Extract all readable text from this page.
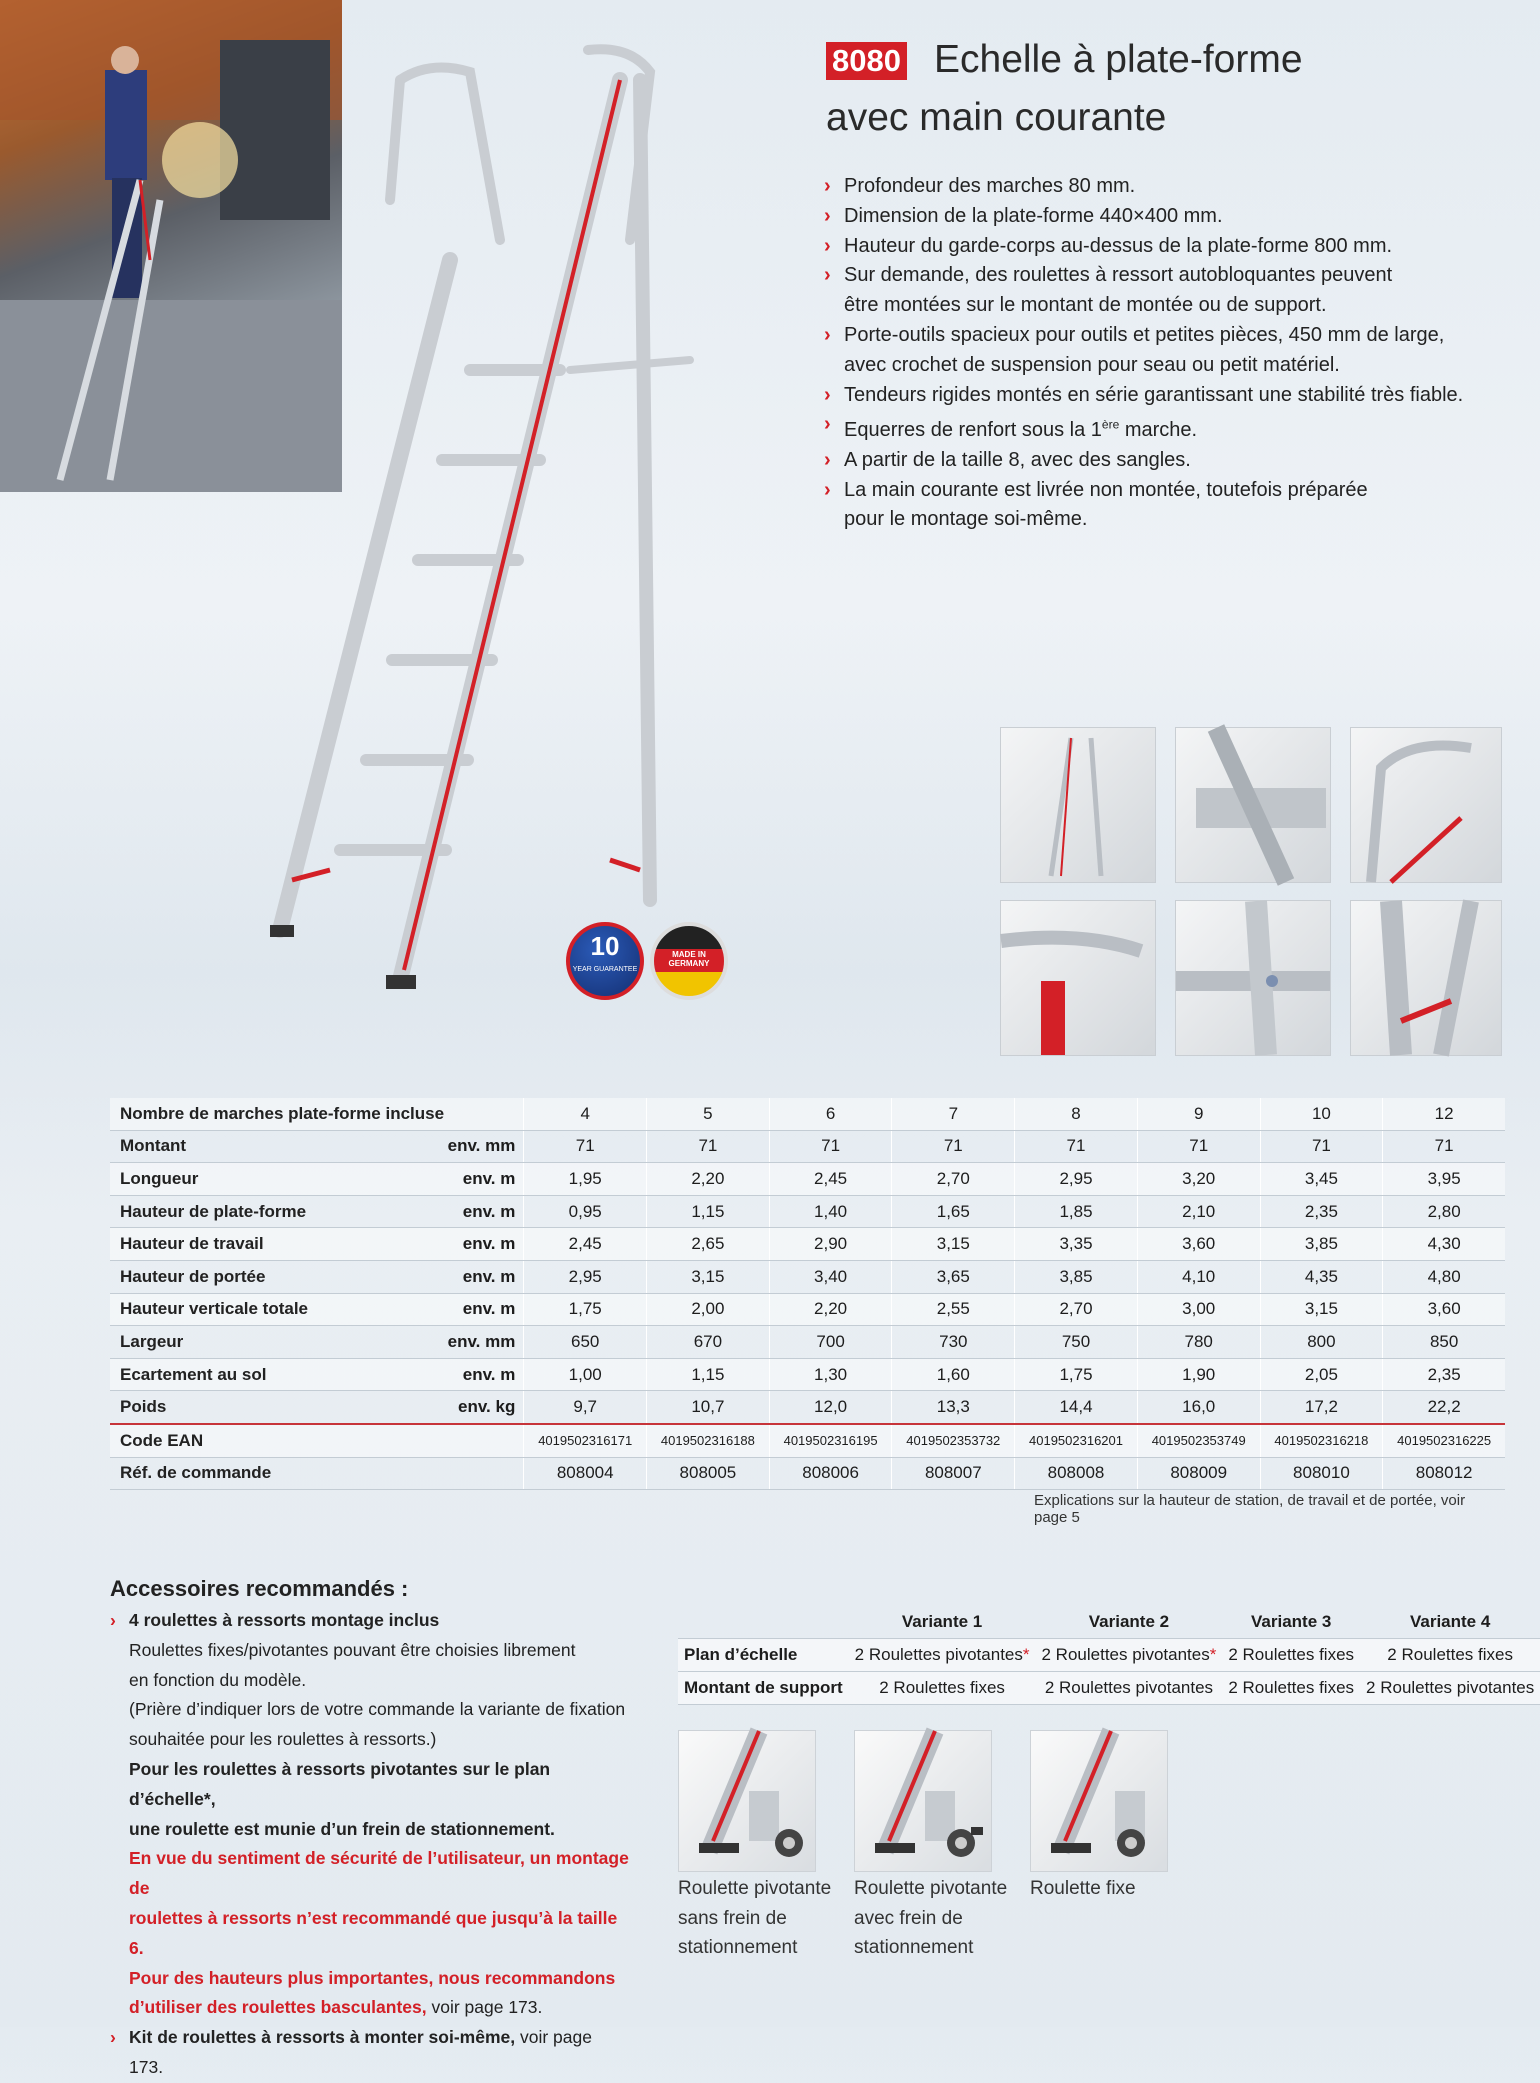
8080 Echelle à plate-forme
avec main courante
› Profondeur des marches 80 mm.
› Dimension de la plate-forme 440×400 mm.
› Hauteur du garde-corps au-dessus de la plate-forme 800 mm.
› Sur demande, des roulettes à ressort autobloquantes peuvent
être montées sur le montant de montée ou de support.
› Porte-outils spacieux pour outils et petites pièces, 450 mm de large,
avec crochet de suspension pour seau ou petit matériel.
› Tendeurs rigides montés en série garantissant une stabilité très fiable.
› Equerres de renfort sous la 1ère marche.
› A partir de la taille 8, avec des sangles.
› La main courante est livrée non montée, toutefois préparée
pour le montage soi-même.
10
YEAR GUARANTEE
MADE IN GERMANY
Nombre de marches plate-forme incluse		4	5	6	7	8	9	10	12
Montant	env. mm	71	71	71	71	71	71	71	71
Longueur	env. m	1,95	2,20	2,45	2,70	2,95	3,20	3,45	3,95
Hauteur de plate-forme	env. m	0,95	1,15	1,40	1,65	1,85	2,10	2,35	2,80
Hauteur de travail	env. m	2,45	2,65	2,90	3,15	3,35	3,60	3,85	4,30
Hauteur de portée	env. m	2,95	3,15	3,40	3,65	3,85	4,10	4,35	4,80
Hauteur verticale totale	env. m	1,75	2,00	2,20	2,55	2,70	3,00	3,15	3,60
Largeur	env. mm	650	670	700	730	750	780	800	850
Ecartement au sol	env. m	1,00	1,15	1,30	1,60	1,75	1,90	2,05	2,35
Poids	env. kg	9,7	10,7	12,0	13,3	14,4	16,0	17,2	22,2
Code EAN		4019502316171	4019502316188	4019502316195	4019502353732	4019502316201	4019502353749	4019502316218	4019502316225
Réf. de commande		808004	808005	808006	808007	808008	808009	808010	808012
Explications sur la hauteur de station, de travail et de portée, voir page 5
Accessoires recommandés :
› 4 roulettes à ressorts montage inclus
Roulettes fixes/pivotantes pouvant être choisies librement
en fonction du modèle.
(Prière d’indiquer lors de votre commande la variante de fixation
souhaitée pour les roulettes à ressorts.)
Pour les roulettes à ressorts pivotantes sur le plan d’échelle*,
une roulette est munie d’un frein de stationnement.
En vue du sentiment de sécurité de l’utilisateur, un montage de
roulettes à ressorts n’est recommandé que jusqu’à la taille 6.
Pour des hauteurs plus importantes, nous recommandons
d’utiliser des roulettes basculantes, voir page 173.
› Kit de roulettes à ressorts à monter soi-même, voir page 173.
	Variante 1	Variante 2	Variante 3	Variante 4
Plan d’échelle	2 Roulettes pivotantes*	2 Roulettes pivotantes*	2 Roulettes fixes	2 Roulettes fixes
Montant de support	2 Roulettes fixes	2 Roulettes pivotantes	2 Roulettes fixes	2 Roulettes pivotantes
Roulette pivotante
sans frein de
stationnement
Roulette pivotante
avec frein de
stationnement
Roulette fixe
